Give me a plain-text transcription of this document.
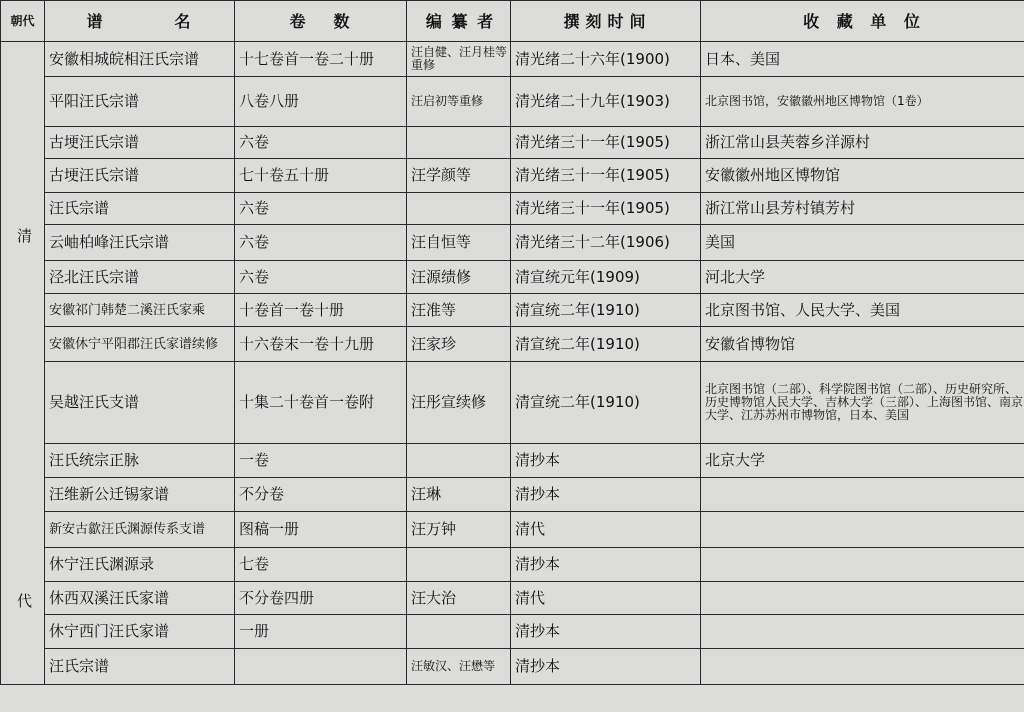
朝代	谱　　　名	卷　数	编 纂 者	撰刻时间	收 藏 单 位

清
代	安徽相城皖相汪氏宗谱	十七卷首一卷二十册	汪自健、汪月桂等重修	清光绪二十六年(1900)	日本、美国
	平阳汪氏宗谱	八卷八册	汪启初等重修	清光绪二十九年(1903)	北京图书馆，安徽徽州地区博物馆（1卷）
	古埂汪氏宗谱	六卷		清光绪三十一年(1905)	浙江常山县芙蓉乡洋源村
	古埂汪氏宗谱	七十卷五十册	汪学颜等	清光绪三十一年(1905)	安徽徽州地区博物馆
	汪氏宗谱	六卷		清光绪三十一年(1905)	浙江常山县芳村镇芳村
	云岫柏峰汪氏宗谱	六卷	汪自恒等	清光绪三十二年(1906)	美国
	泾北汪氏宗谱	六卷	汪源绩修	清宣统元年(1909)	河北大学
	安徽祁门韩楚二溪汪氏家乘	十卷首一卷十册	汪准等	清宣统二年(1910)	北京图书馆、人民大学、美国
	安徽休宁平阳郡汪氏家谱续修	十六卷末一卷十九册	汪家珍	清宣统二年(1910)	安徽省博物馆
	吴越汪氏支谱	十集二十卷首一卷附	汪彤宣续修	清宣统二年(1910)	北京图书馆（二部）、科学院图书馆（二部）、历史研究所、历史博物馆人民大学、吉林大学（三部）、上海图书馆、南京大学、江苏苏州市博物馆，日本、美国
	汪氏统宗正脉	一卷		清抄本	北京大学
	汪维新公迁锡家谱	不分卷	汪琳	清抄本	
	新安古歙汪氏渊源传系支谱	图稿一册	汪万钟	清代	
	休宁汪氏渊源录	七卷		清抄本	
	休西双溪汪氏家谱	不分卷四册	汪大治	清代	
	休宁西门汪氏家谱	一册		清抄本	
	汪氏宗谱		汪敏汉、汪懋等	清抄本	
